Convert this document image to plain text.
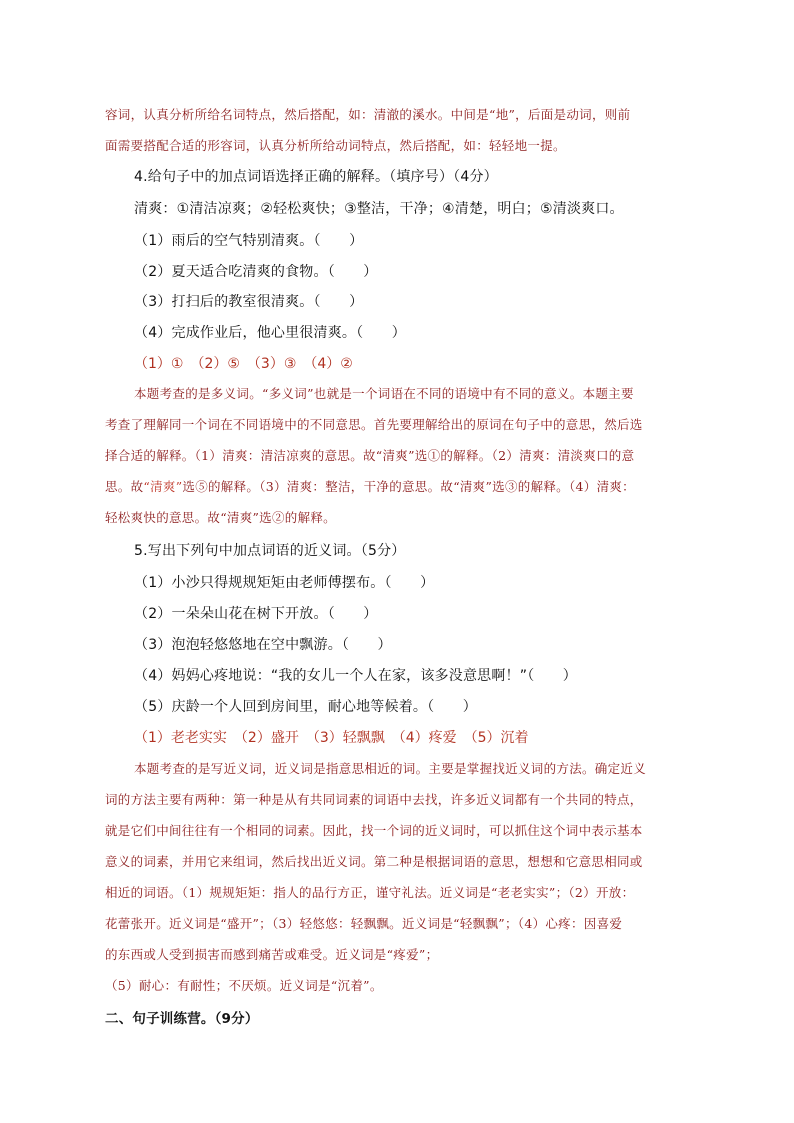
容词，认真分析所给名词特点，然后搭配，如：清澈的溪水。中间是“地”，后面是动词，则前
面需要搭配合适的形容词，认真分析所给动词特点，然后搭配，如：轻轻地一提。
4.给句子中的加点词语选择正确的解释。（填序号）（4分）
清爽：①清洁凉爽；②轻松爽快；③整洁，干净；④清楚，明白；⑤清淡爽口。
（1）雨后的空气特别清爽。（　　）
（2）夏天适合吃清爽的食物。（　　）
（3）打扫后的教室很清爽。（　　）
（4）完成作业后，他心里很清爽。（　　）
（1）①　（2）⑤　（3）③　（4）②
本题考查的是多义词。“多义词”也就是一个词语在不同的语境中有不同的意义。本题主要
考查了理解同一个词在不同语境中的不同意思。首先要理解给出的原词在句子中的意思，然后选
择合适的解释。（1）清爽：清洁凉爽的意思。故“清爽”选①的解释。（2）清爽：清淡爽口的意
思。故“清爽”选⑤的解释。（3）清爽：整洁，干净的意思。故“清爽”选③的解释。（4）清爽：
轻松爽快的意思。故“清爽”选②的解释。
5.写出下列句中加点词语的近义词。（5分）
（1）小沙只得规规矩矩由老师傅摆布。（　　）
（2）一朵朵山花在树下开放。（　　）
（3）泡泡轻悠悠地在空中飘游。（　　）
（4）妈妈心疼地说：“我的女儿一个人在家，该多没意思啊！”（　　）
（5）庆龄一个人回到房间里，耐心地等候着。（　　）
（1）老老实实　（2）盛开　（3）轻飘飘　（4）疼爱　（5）沉着
本题考查的是写近义词，近义词是指意思相近的词。主要是掌握找近义词的方法。确定近义
词的方法主要有两种：第一种是从有共同词素的词语中去找，许多近义词都有一个共同的特点，
就是它们中间往往有一个相同的词素。因此，找一个词的近义词时，可以抓住这个词中表示基本
意义的词素，并用它来组词，然后找出近义词。第二种是根据词语的意思，想想和它意思相同或
相近的词语。（1）规规矩矩：指人的品行方正，谨守礼法。近义词是“老老实实”；（2）开放：
花蕾张开。近义词是“盛开”；（3）轻悠悠：轻飘飘。近义词是“轻飘飘”；（4）心疼：因喜爱
的东西或人受到损害而感到痛苦或难受。近义词是“疼爱”；
（5）耐心：有耐性；不厌烦。近义词是“沉着”。
二、句子训练营。（9分）
